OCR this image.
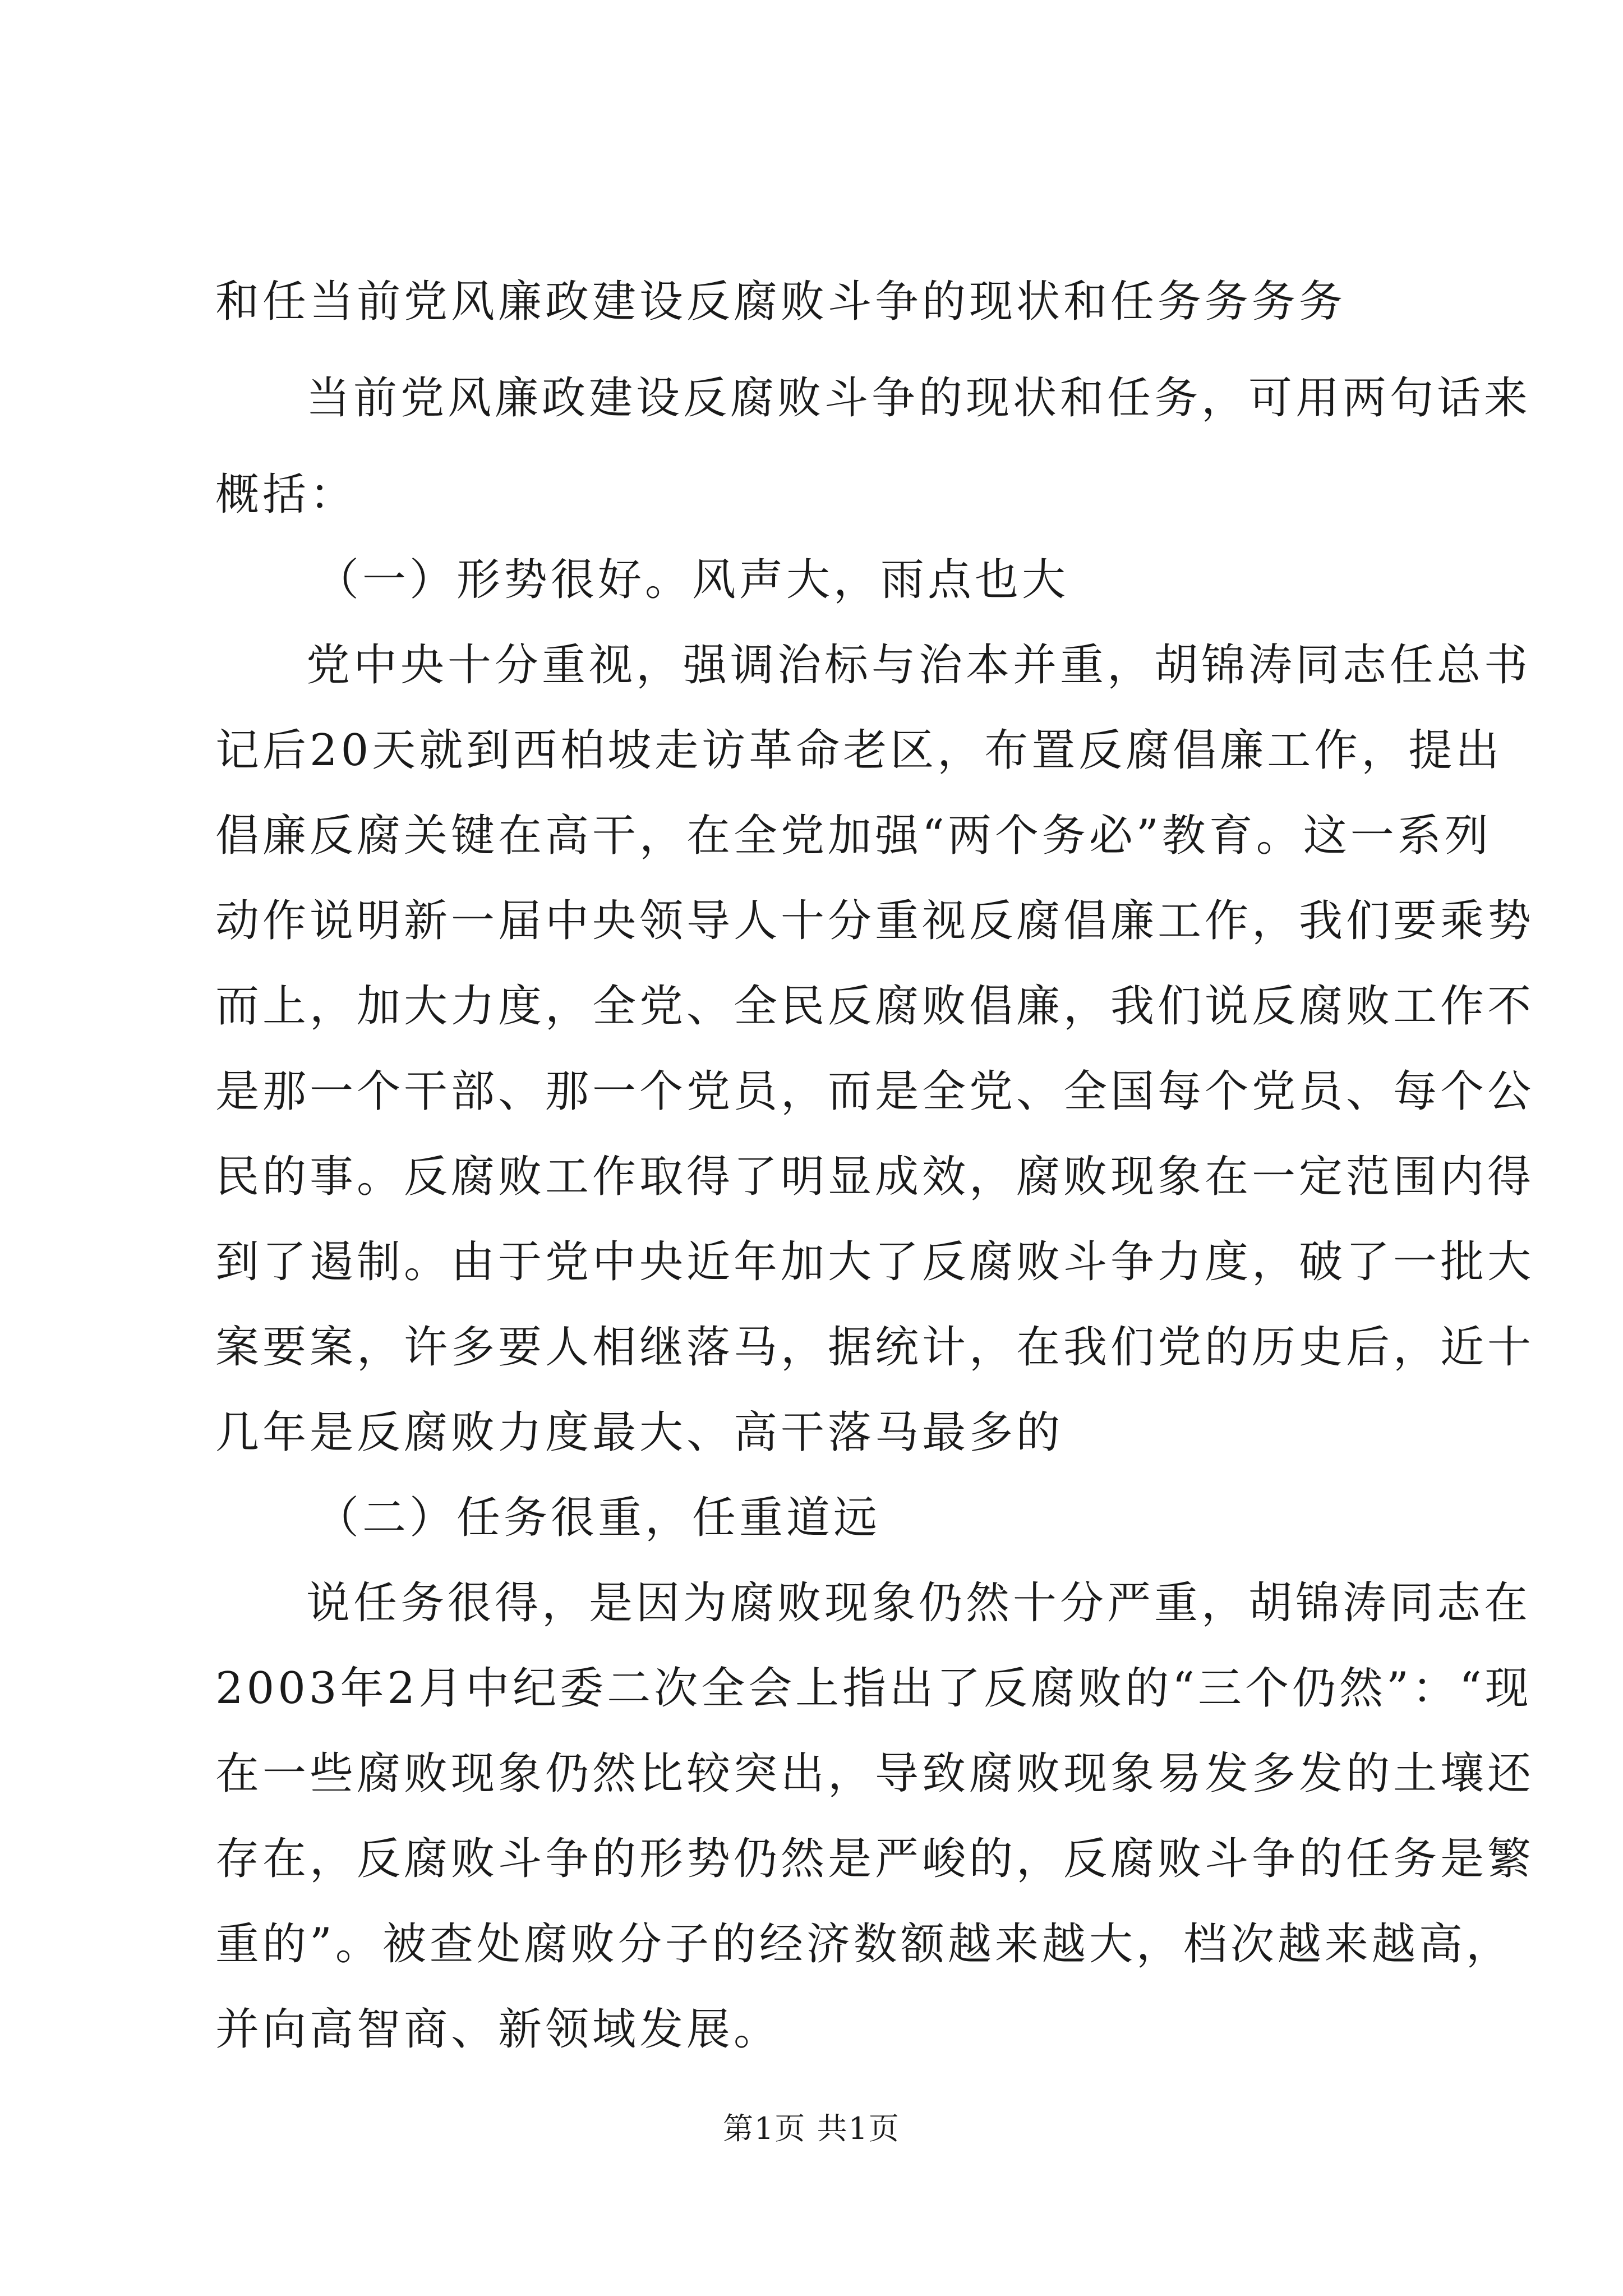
和任当前党风廉政建设反腐败斗争的现状和任务务务务
当前党风廉政建设反腐败斗争的现状和任务，可用两句话来
概括：
（一）形势很好。风声大，雨点也大
党中央十分重视，强调治标与治本并重，胡锦涛同志任总书
记后20天就到西柏坡走访革命老区，布置反腐倡廉工作，提出
倡廉反腐关键在高干，在全党加强“两个务必”教育。这一系列
动作说明新一届中央领导人十分重视反腐倡廉工作，我们要乘势
而上，加大力度，全党、全民反腐败倡廉，我们说反腐败工作不
是那一个干部、那一个党员，而是全党、全国每个党员、每个公
民的事。反腐败工作取得了明显成效，腐败现象在一定范围内得
到了遏制。由于党中央近年加大了反腐败斗争力度，破了一批大
案要案，许多要人相继落马，据统计，在我们党的历史后，近十
几年是反腐败力度最大、高干落马最多的
（二）任务很重，任重道远
说任务很得，是因为腐败现象仍然十分严重，胡锦涛同志在
2003年2月中纪委二次全会上指出了反腐败的“三个仍然”：“现
在一些腐败现象仍然比较突出，导致腐败现象易发多发的土壤还
存在，反腐败斗争的形势仍然是严峻的，反腐败斗争的任务是繁
重的”。被查处腐败分子的经济数额越来越大，档次越来越高，
并向高智商、新领域发展。
第1页 共1页
